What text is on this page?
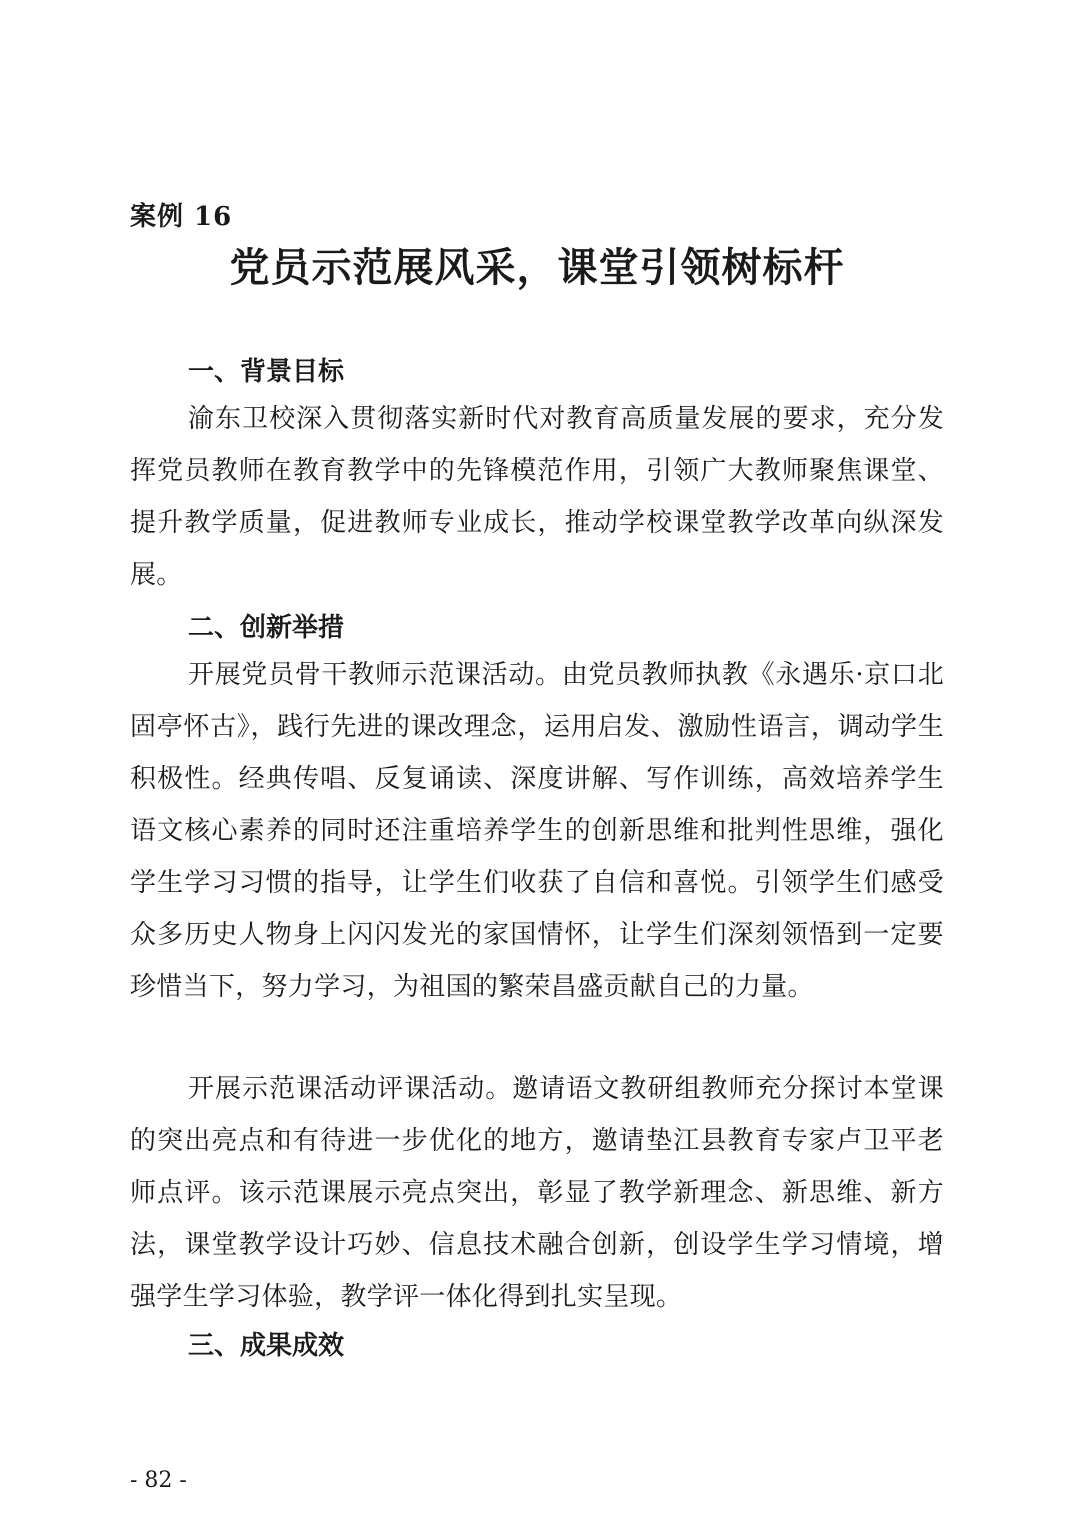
案例 16
党员示范展风采，课堂引领树标杆
一、背景目标

渝东卫校深入贯彻落实新时代对教育高质量发展的要求，充分发挥党员教师在教育教学中的先锋模范作用，引领广大教师聚焦课堂、提升教学质量，促进教师专业成长，推动学校课堂教学改革向纵深发展。

二、创新举措

开展党员骨干教师示范课活动。由党员教师执教《永遇乐·京口北固亭怀古》，践行先进的课改理念，运用启发、激励性语言，调动学生积极性。经典传唱、反复诵读、深度讲解、写作训练，高效培养学生语文核心素养的同时还注重培养学生的创新思维和批判性思维，强化学生学习习惯的指导，让学生们收获了自信和喜悦。引领学生们感受众多历史人物身上闪闪发光的家国情怀，让学生们深刻领悟到一定要珍惜当下，努力学习，为祖国的繁荣昌盛贡献自己的力量。

开展示范课活动评课活动。邀请语文教研组教师充分探讨本堂课的突出亮点和有待进一步优化的地方，邀请垫江县教育专家卢卫平老师点评。该示范课展示亮点突出，彰显了教学新理念、新思维、新方法，课堂教学设计巧妙、信息技术融合创新，创设学生学习情境，增强学生学习体验，教学评一体化得到扎实呈现。

三、成果成效
- 82 -
